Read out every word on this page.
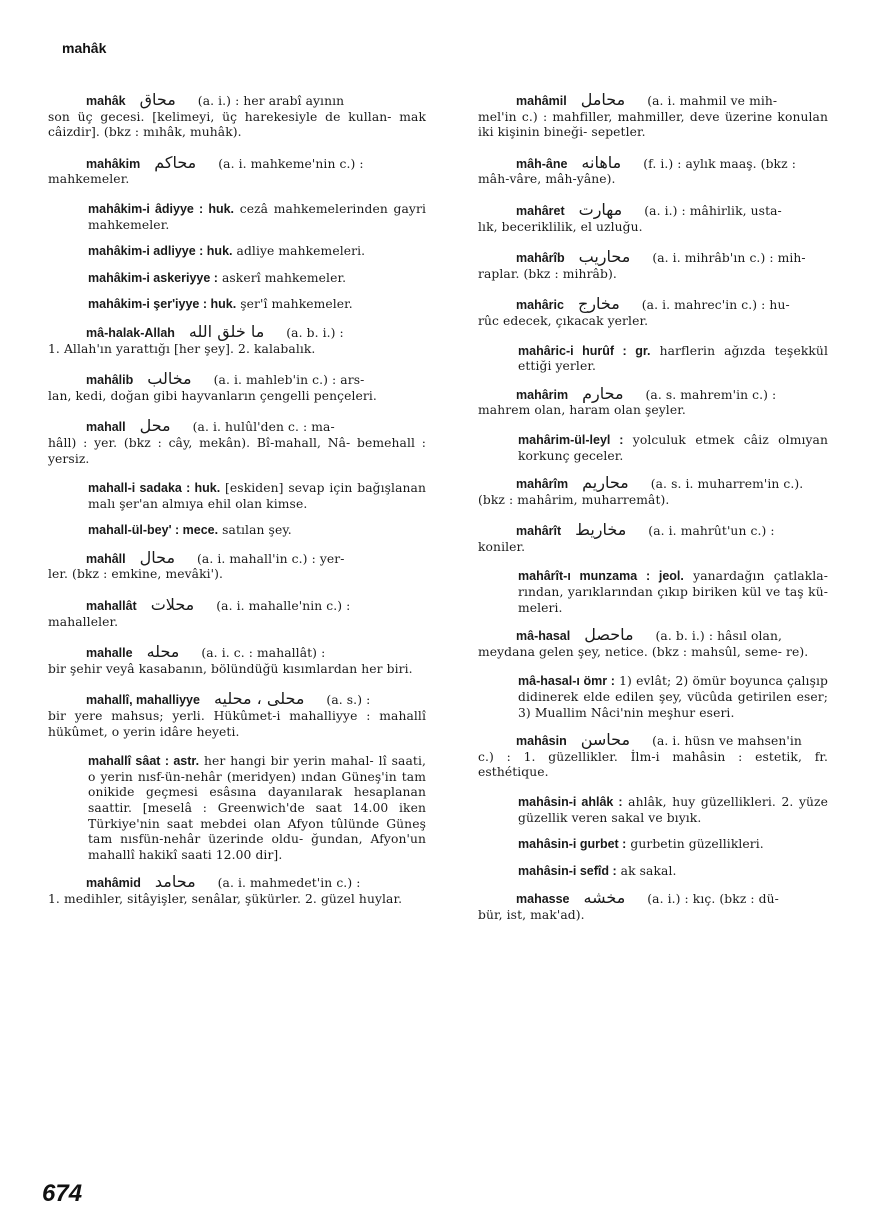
mahâk
mahâk محاق (a. i.) : her arabî ayının
son üç gecesi. [kelimeyi, üç harekesiyle de kullan- mak câizdir]. (bkz : mıhâk, muhâk).
mahâkim محاكم (a. i. mahkeme'nin c.) :
mahkemeler.
mahâkim-i âdiyye : huk. cezâ mahkemelerinden gayri mahkemeler.
mahâkim-i adliyye : huk. adliye mahkemeleri.
mahâkim-i askeriyye : askerî mahkemeler.
mahâkim-i şer'iyye : huk. şer'î mahkemeler.
mâ-halak-Allah ما خلق الله (a. b. i.) :
1. Allah'ın yarattığı [her şey]. 2. kalabalık.
mahâlib مخالب (a. i. mahleb'in c.) : ars-
lan, kedi, doğan gibi hayvanların çengelli pençeleri.
mahall محل (a. i. hulûl'den c. : ma-
hâll) : yer. (bkz : cây, mekân). Bî-mahall, Nâ- bemehall : yersiz.
mahall-i sadaka : huk. [eskiden] sevap için bağışlanan malı şer'an almıya ehil olan kimse.
mahall-ül-bey' : mece. satılan şey.
mahâll محال (a. i. mahall'in c.) : yer-
ler. (bkz : emkine, mevâki').
mahallât محلات (a. i. mahalle'nin c.) :
mahalleler.
mahalle محله (a. i. c. : mahallât) :
bir şehir veyâ kasabanın, bölündüğü kısımlardan her biri.
mahallî, mahalliyye محلى ، محليه (a. s.) :
bir yere mahsus; yerli. Hükûmet-i mahalliyye : mahallî hükûmet, o yerin idâre heyeti.
mahallî sâat : astr. her hangi bir yerin mahal- lî saati, o yerin nısf-ün-nehâr (meridyen) ından Güneş'in tam onikide geçmesi esâsına dayanılarak hesaplanan saattir. [meselâ : Greenwich'de saat 14.00 iken Türkiye'nin saat mebdei olan Afyon tûlünde Güneş tam nısfün-nehâr üzerinde oldu- ğundan, Afyon'un mahallî hakikî saati 12.00 dir].
mahâmid محامد (a. i. mahmedet'in c.) :
1. medihler, sitâyişler, senâlar, şükürler. 2. güzel huylar.
mahâmil محامل (a. i. mahmil ve mih-
mel'in c.) : mahfiller, mahmiller, deve üzerine konulan iki kişinin bineği- sepetler.
mâh-âne ماهانه (f. i.) : aylık maaş. (bkz :
mâh-vâre, mâh-yâne).
mahâret مهارت (a. i.) : mâhirlik, usta-
lık, beceriklilik, el uzluğu.
mahârîb محاريب (a. i. mihrâb'ın c.) : mih-
raplar. (bkz : mihrâb).
mahâric مخارج (a. i. mahrec'in c.) : hu-
rûc edecek, çıkacak yerler.
mahâric-i hurûf : gr. harflerin ağızda teşekkül ettiği yerler.
mahârim محارم (a. s. mahrem'in c.) :
mahrem olan, haram olan şeyler.
mahârim-ül-leyl : yolculuk etmek câiz olmıyan korkunç geceler.
mahârîm محاريم (a. s. i. muharrem'in c.).
(bkz : mahârim, muharremât).
mahârît مخاريط (a. i. mahrût'un c.) :
koniler.
mahârît-ı munzama : jeol. yanardağın çatlakla- rından, yarıklarından çıkıp biriken kül ve taş kü- meleri.
mâ-hasal ماحصل (a. b. i.) : hâsıl olan,
meydana gelen şey, netice. (bkz : mahsûl, seme- re).
mâ-hasal-ı ömr : 1) evlât; 2) ömür boyunca çalışıp didinerek elde edilen şey, vücûda getirilen eser; 3) Muallim Nâci'nin meşhur eseri.
mahâsin محاسن (a. i. hüsn ve mahsen'in
c.) : 1. güzellikler. İlm-i mahâsin : estetik, fr. esthétique.
mahâsin-i ahlâk : ahlâk, huy güzellikleri. 2. yüze güzellik veren sakal ve bıyık.
mahâsin-i gurbet : gurbetin güzellikleri.
mahâsin-i sefîd : ak sakal.
mahasse مخشه (a. i.) : kıç. (bkz : dü-
bür, ist, mak'ad).
674
